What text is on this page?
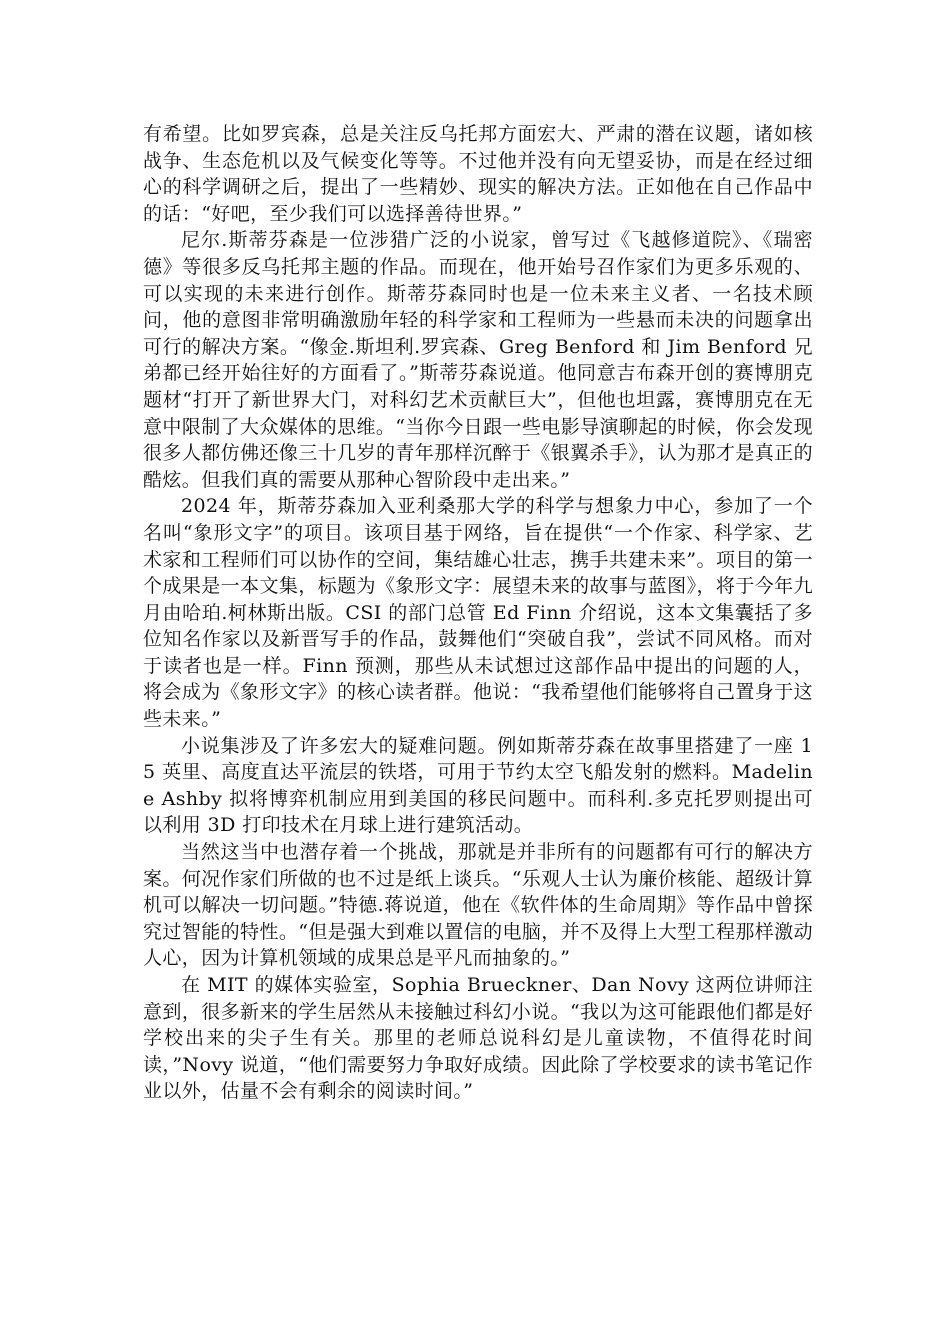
有希望。比如罗宾森，总是关注反乌托邦方面宏大、严肃的潜在议题，诸如核战争、生态危机以及气候变化等等。不过他并没有向无望妥协，而是在经过细心的科学调研之后，提出了一些精妙、现实的解决方法。正如他在自己作品中的话：“好吧，至少我们可以选择善待世界。”

尼尔.斯蒂芬森是一位涉猎广泛的小说家，曾写过《飞越修道院》、《瑞密德》等很多反乌托邦主题的作品。而现在，他开始号召作家们为更多乐观的、可以实现的未来进行创作。斯蒂芬森同时也是一位未来主义者、一名技术顾问，他的意图非常明确激励年轻的科学家和工程师为一些悬而未决的问题拿出可行的解决方案。“像金.斯坦利.罗宾森、Greg Benford 和 Jim Benford 兄弟都已经开始往好的方面看了。”斯蒂芬森说道。他同意吉布森开创的赛博朋克题材“打开了新世界大门，对科幻艺术贡献巨大”，但他也坦露，赛博朋克在无意中限制了大众媒体的思维。“当你今日跟一些电影导演聊起的时候，你会发现很多人都仿佛还像三十几岁的青年那样沉醉于《银翼杀手》，认为那才是真正的酷炫。但我们真的需要从那种心智阶段中走出来。”

2024 年，斯蒂芬森加入亚利桑那大学的科学与想象力中心，参加了一个名叫“象形文字”的项目。该项目基于网络，旨在提供“一个作家、科学家、艺术家和工程师们可以协作的空间，集结雄心壮志，携手共建未来”。项目的第一个成果是一本文集，标题为《象形文字：展望未来的故事与蓝图》，将于今年九月由哈珀.柯林斯出版。CSI 的部门总管 Ed Finn 介绍说，这本文集囊括了多位知名作家以及新晋写手的作品，鼓舞他们“突破自我”，尝试不同风格。而对于读者也是一样。Finn 预测，那些从未试想过这部作品中提出的问题的人，将会成为《象形文字》的核心读者群。他说：“我希望他们能够将自己置身于这些未来。”

小说集涉及了许多宏大的疑难问题。例如斯蒂芬森在故事里搭建了一座 15 英里、高度直达平流层的铁塔，可用于节约太空飞船发射的燃料。Madeline Ashby 拟将博弈机制应用到美国的移民问题中。而科利.多克托罗则提出可以利用 3D 打印技术在月球上进行建筑活动。

当然这当中也潜存着一个挑战，那就是并非所有的问题都有可行的解决方案。何况作家们所做的也不过是纸上谈兵。“乐观人士认为廉价核能、超级计算机可以解决一切问题。”特德.蒋说道，他在《软件体的生命周期》等作品中曾探究过智能的特性。“但是强大到难以置信的电脑，并不及得上大型工程那样激动人心，因为计算机领域的成果总是平凡而抽象的。”

在 MIT 的媒体实验室，Sophia Brueckner、Dan Novy 这两位讲师注意到，很多新来的学生居然从未接触过科幻小说。“我以为这可能跟他们都是好学校出来的尖子生有关。那里的老师总说科幻是儿童读物，不值得花时间读，”Novy 说道，“他们需要努力争取好成绩。因此除了学校要求的读书笔记作业以外，估量不会有剩余的阅读时间。”
